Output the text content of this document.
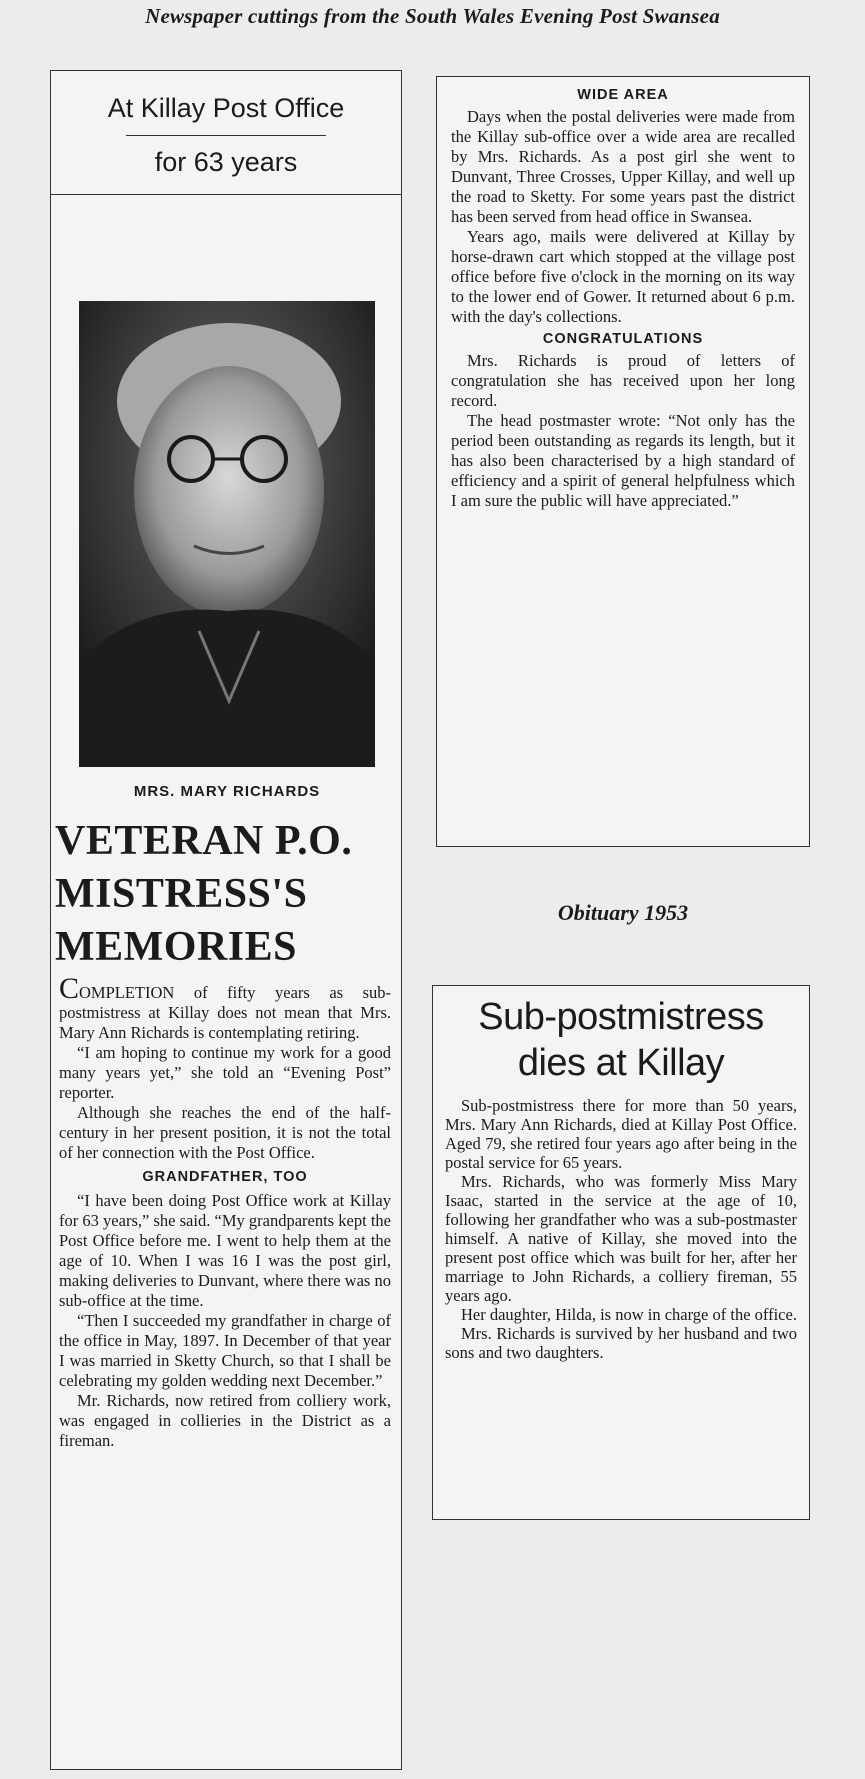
Newspaper cuttings from the South Wales Evening Post Swansea
At Killay Post Office
for 63 years
MRS. MARY RICHARDS
VETERAN P.O.
MISTRESS'S
MEMORIES

COMPLETION of fifty years as sub-postmistress at Killay does not mean that Mrs. Mary Ann Richards is contemplating retiring.

“I am hoping to continue my work for a good many years yet,” she told an “Evening Post” reporter.

Although she reaches the end of the half-century in her present position, it is not the total of her connection with the Post Office.

GRANDFATHER, TOO

“I have been doing Post Office work at Killay for 63 years,” she said. “My grandparents kept the Post Office before me. I went to help them at the age of 10. When I was 16 I was the post girl, making deliveries to Dunvant, where there was no sub-office at the time.

“Then I succeeded my grandfather in charge of the office in May, 1897. In December of that year I was married in Sketty Church, so that I shall be celebrating my golden wedding next December.”

Mr. Richards, now retired from colliery work, was engaged in collieries in the District as a fireman.

WIDE AREA

Days when the postal deliveries were made from the Killay sub-office over a wide area are recalled by Mrs. Richards. As a post girl she went to Dunvant, Three Crosses, Upper Killay, and well up the road to Sketty. For some years past the district has been served from head office in Swansea.

Years ago, mails were delivered at Killay by horse-drawn cart which stopped at the village post office before five o'clock in the morning on its way to the lower end of Gower. It returned about 6 p.m. with the day's collections.

CONGRATULATIONS

Mrs. Richards is proud of letters of congratulation she has received upon her long record.

The head postmaster wrote: “Not only has the period been outstanding as regards its length, but it has also been characterised by a high standard of efficiency and a spirit of general helpfulness which I am sure the public will have appreciated.”

Obituary 1953
Sub-postmistress
dies at Killay

Sub-postmistress there for more than 50 years, Mrs. Mary Ann Richards, died at Killay Post Office. Aged 79, she retired four years ago after being in the postal service for 65 years.

Mrs. Richards, who was formerly Miss Mary Isaac, started in the service at the age of 10, following her grandfather who was a sub-postmaster himself. A native of Killay, she moved into the present post office which was built for her, after her marriage to John Richards, a colliery fireman, 55 years ago.

Her daughter, Hilda, is now in charge of the office.

Mrs. Richards is survived by her husband and two sons and two daughters.
